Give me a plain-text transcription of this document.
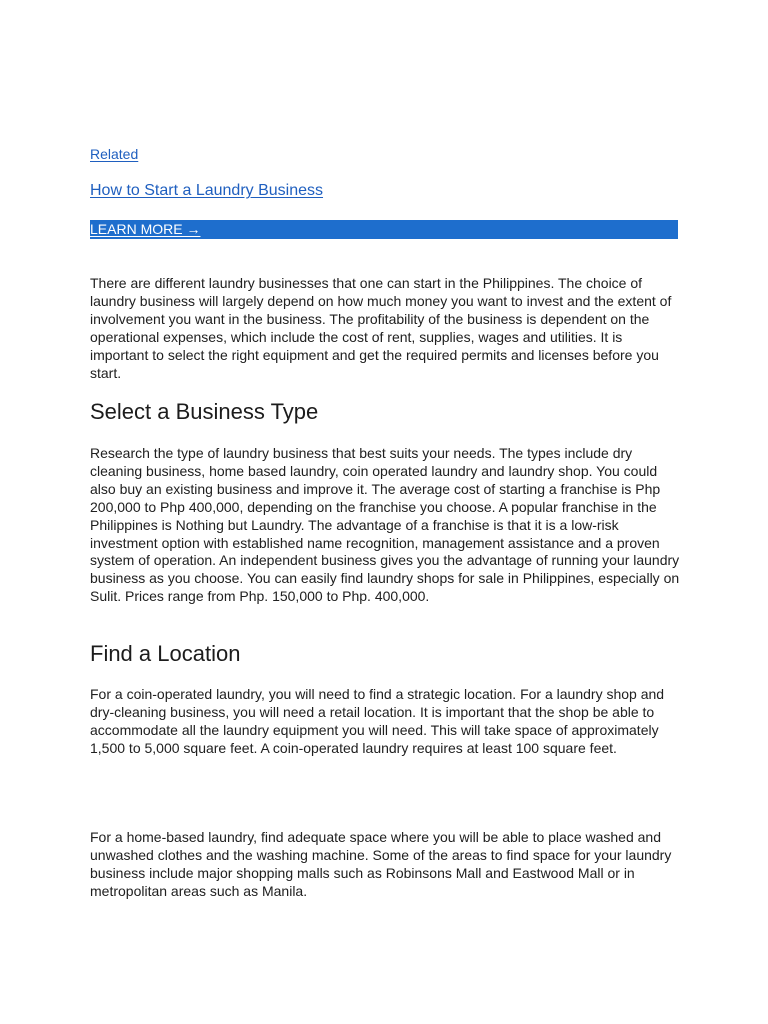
Related
How to Start a Laundry Business
LEARN MORE →

There are different laundry businesses that one can start in the Philippines. The choice of laundry business will largely depend on how much money you want to invest and the extent of involvement you want in the business. The profitability of the business is dependent on the operational expenses, which include the cost of rent, supplies, wages and utilities. It is important to select the right equipment and get the required permits and licenses before you start.

Select a Business Type

Research the type of laundry business that best suits your needs. The types include dry cleaning business, home based laundry, coin operated laundry and laundry shop. You could also buy an existing business and improve it. The average cost of starting a franchise is Php 200,000 to Php 400,000, depending on the franchise you choose. A popular franchise in the Philippines is Nothing but Laundry. The advantage of a franchise is that it is a low-risk investment option with established name recognition, management assistance and a proven system of operation. An independent business gives you the advantage of running your laundry business as you choose. You can easily find laundry shops for sale in Philippines, especially on Sulit. Prices range from Php. 150,000 to Php. 400,000.

Find a Location

For a coin-operated laundry, you will need to find a strategic location. For a laundry shop and dry-cleaning business, you will need a retail location. It is important that the shop be able to accommodate all the laundry equipment you will need. This will take space of approximately 1,500 to 5,000 square feet. A coin-operated laundry requires at least 100 square feet.

For a home-based laundry, find adequate space where you will be able to place washed and unwashed clothes and the washing machine. Some of the areas to find space for your laundry business include major shopping malls such as Robinsons Mall and Eastwood Mall or in metropolitan areas such as Manila.
